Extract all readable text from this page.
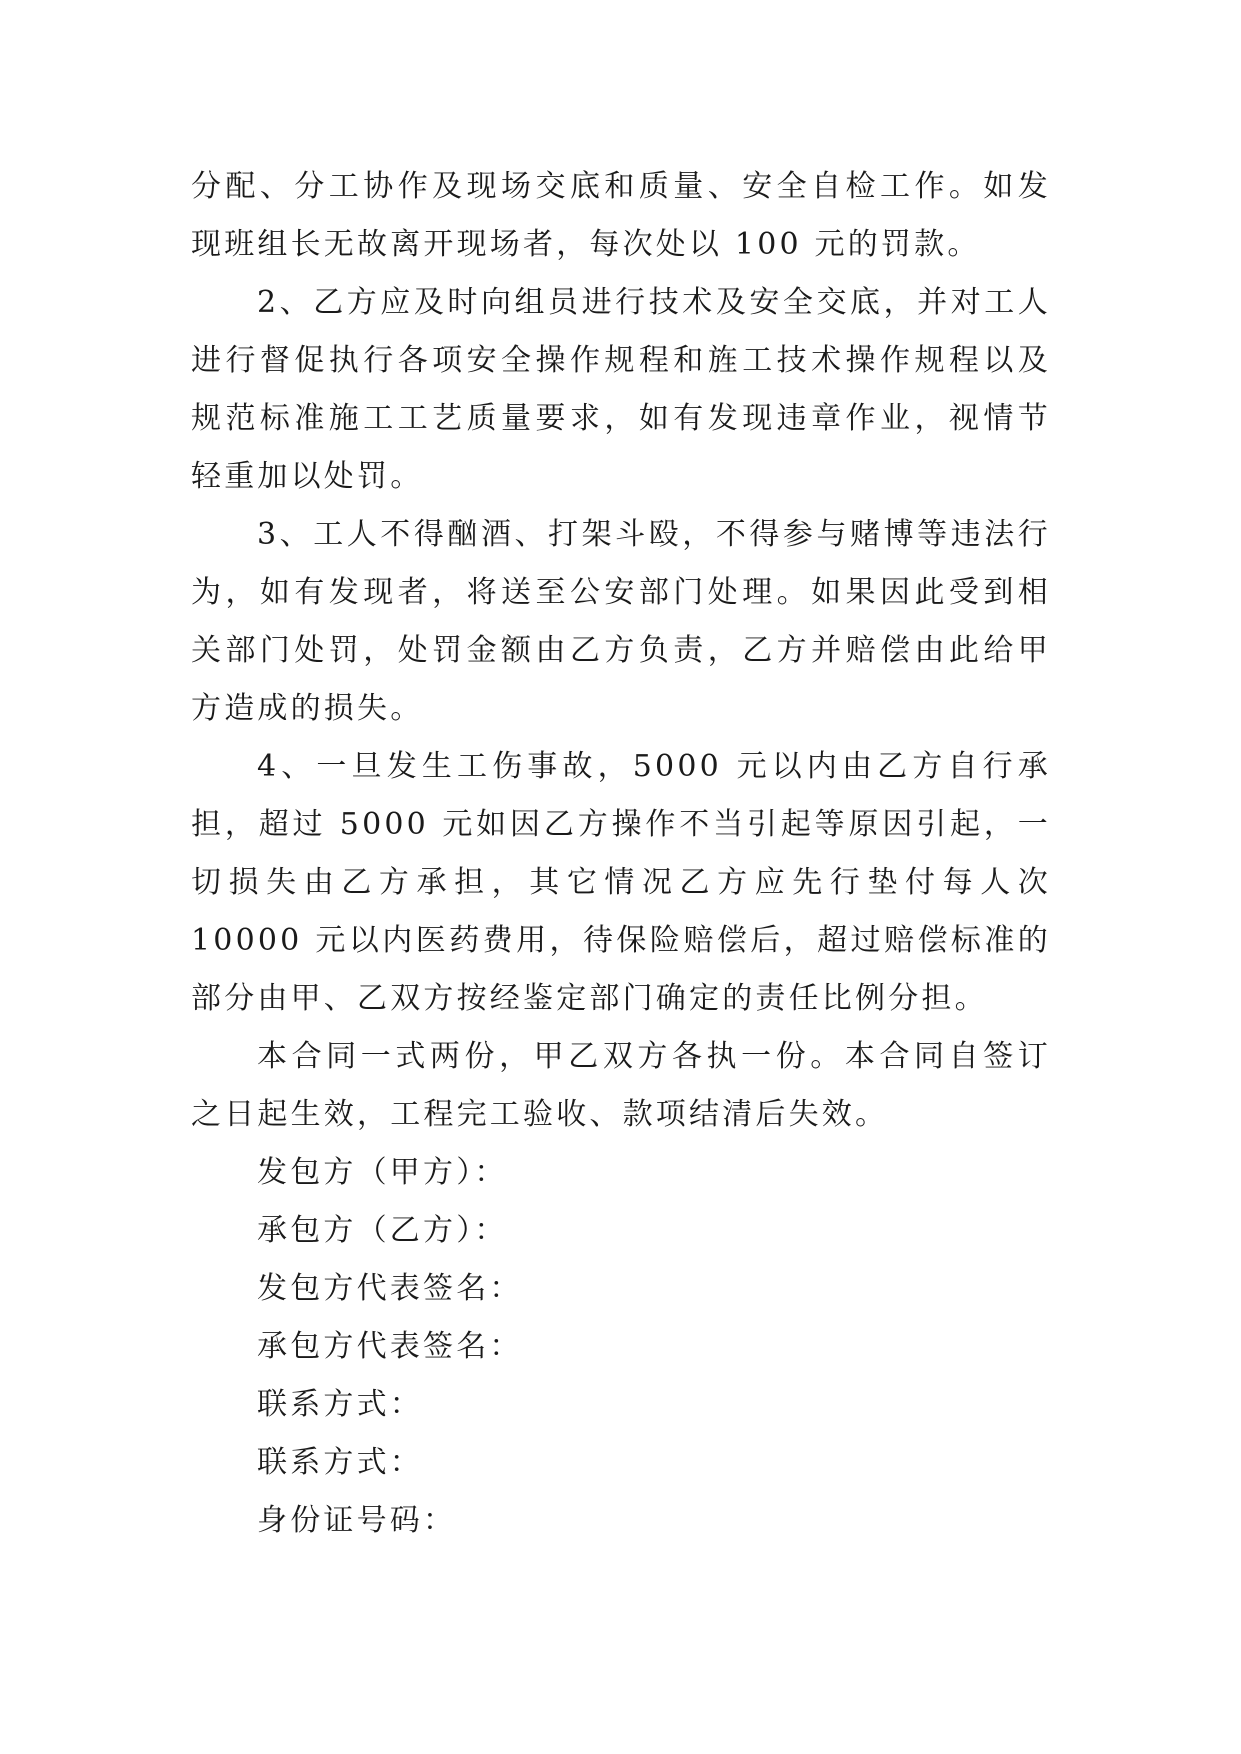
分配、分工协作及现场交底和质量、安全自检工作。如发现班组长无故离开现场者，每次处以 100 元的罚款。

2、乙方应及时向组员进行技术及安全交底，并对工人进行督促执行各项安全操作规程和旌工技术操作规程以及规范标准施工工艺质量要求，如有发现违章作业，视情节轻重加以处罚。

3、工人不得酗酒、打架斗殴，不得参与赌博等违法行为，如有发现者，将送至公安部门处理。如果因此受到相关部门处罚，处罚金额由乙方负责，乙方并赔偿由此给甲方造成的损失。

4、一旦发生工伤事故，5000 元以内由乙方自行承担，超过 5000 元如因乙方操作不当引起等原因引起，一切损失由乙方承担，其它情况乙方应先行垫付每人次 10000 元以内医药费用，待保险赔偿后，超过赔偿标准的部分由甲、乙双方按经鉴定部门确定的责任比例分担。

本合同一式两份，甲乙双方各执一份。本合同自签订之日起生效，工程完工验收、款项结清后失效。

发包方（甲方）：

承包方（乙方）：

发包方代表签名：

承包方代表签名：

联系方式：

联系方式：

身份证号码：
